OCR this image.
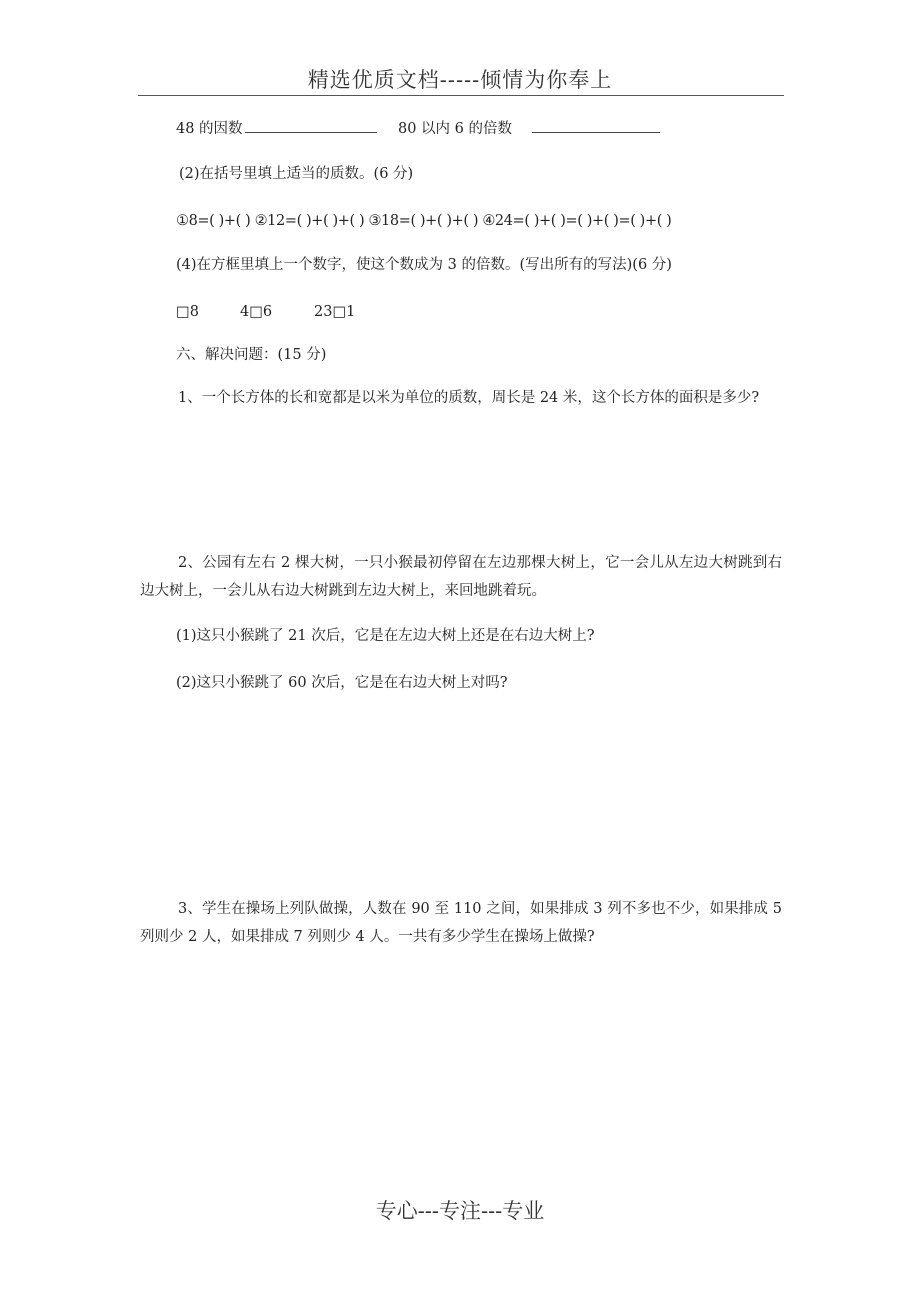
精选优质文档-----倾情为你奉上
48 的因数	80 以内 6 的倍数
(2)在括号里填上适当的质数。(6 分)
①8=( )+( ) ②12=( )+( )+( ) ③18=( )+( )+( ) ④24=( )+( )=( )+( )=( )+( )
(4)在方框里填上一个数字，使这个数成为 3 的倍数。(写出所有的写法)(6 分)
□8	4□6	23□1
六、解决问题：(15 分)
1、一个长方体的长和宽都是以米为单位的质数，周长是 24 米，这个长方体的面积是多少?
2、公园有左右 2 棵大树，一只小猴最初停留在左边那棵大树上，它一会儿从左边大树跳到右边大树上，一会儿从右边大树跳到左边大树上，来回地跳着玩。
(1)这只小猴跳了 21 次后，它是在左边大树上还是在右边大树上?
(2)这只小猴跳了 60 次后，它是在右边大树上对吗?
3、学生在操场上列队做操，人数在 90 至 110 之间，如果排成 3 列不多也不少，如果排成 5 列则少 2 人，如果排成 7 列则少 4 人。一共有多少学生在操场上做操?
专心---专注---专业
